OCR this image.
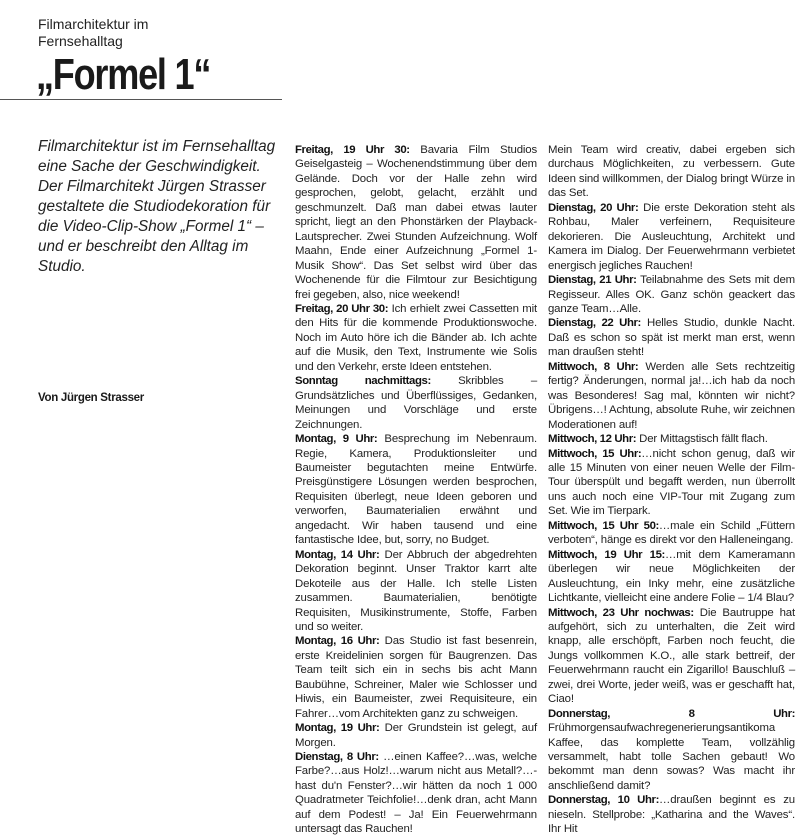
Filmarchitektur im Fernsehalltag
„Formel 1“
Filmarchitektur ist im Fernsehalltag eine Sache der Geschwindigkeit. Der Filmarchitekt Jürgen Strasser gestaltete die Studiodekoration für die Video-Clip-Show „Formel 1“ – und er beschreibt den Alltag im Studio.
Von Jürgen Strasser

Freitag, 19 Uhr 30: Bavaria Film Studios Geiselgasteig – Wochenendstimmung über dem Gelände. Doch vor der Halle zehn wird gesprochen, gelobt, gelacht, erzählt und geschmunzelt. Daß man dabei etwas lauter spricht, liegt an den Phonstärken der Playback-Lautsprecher. Zwei Stunden Aufzeichnung. Wolf Maahn, Ende einer Aufzeichnung „Formel 1-Musik Show“. Das Set selbst wird über das Wochenende für die Filmtour zur Besichtigung frei gegeben, also, nice weekend!

Freitag, 20 Uhr 30: Ich erhielt zwei Cassetten mit den Hits für die kommende Produktionswoche. Noch im Auto höre ich die Bänder ab. Ich achte auf die Musik, den Text, Instrumente wie Solis und den Verkehr, erste Ideen entstehen.

Sonntag nachmittags: Skribbles – Grundsätzliches und Überflüssiges, Gedanken, Meinungen und Vorschläge und erste Zeichnungen.

Montag, 9 Uhr: Besprechung im Nebenraum. Regie, Kamera, Produktionsleiter und Baumeister begutachten meine Entwürfe. Preisgünstigere Lösungen werden besprochen, Requisiten überlegt, neue Ideen geboren und verworfen, Baumaterialien erwähnt und angedacht. Wir haben tausend und eine fantastische Idee, but, sorry, no Budget.

Montag, 14 Uhr: Der Abbruch der abgedrehten Dekoration beginnt. Unser Traktor karrt alte Dekoteile aus der Halle. Ich stelle Listen zusammen. Baumaterialien, benötigte Requisiten, Musikinstrumente, Stoffe, Farben und so weiter.

Montag, 16 Uhr: Das Studio ist fast besenrein, erste Kreidelinien sorgen für Baugrenzen. Das Team teilt sich ein in sechs bis acht Mann Baubühne, Schreiner, Maler wie Schlosser und Hiwis, ein Baumeister, zwei Requisiteure, ein Fahrer…vom Architekten ganz zu schweigen.

Montag, 19 Uhr: Der Grundstein ist gelegt, auf Morgen.

Dienstag, 8 Uhr: …einen Kaffee?…was, welche Farbe?…aus Holz!…warum nicht aus Metall?…-hast du'n Fenster?…wir hätten da noch 1 000 Quadratmeter Teichfolie!…denk dran, acht Mann auf dem Podest! – Ja! Ein Feuerwehrmann untersagt das Rauchen!

Mein Team wird creativ, dabei ergeben sich durchaus Möglichkeiten, zu verbessern. Gute Ideen sind willkommen, der Dialog bringt Würze in das Set.

Dienstag, 20 Uhr: Die erste Dekoration steht als Rohbau, Maler verfeinern, Requisiteure dekorieren. Die Ausleuchtung, Architekt und Kamera im Dialog. Der Feuerwehrmann verbietet energisch jegliches Rauchen!

Dienstag, 21 Uhr: Teilabnahme des Sets mit dem Regisseur. Alles OK. Ganz schön geackert das ganze Team…Alle.

Dienstag, 22 Uhr: Helles Studio, dunkle Nacht. Daß es schon so spät ist merkt man erst, wenn man draußen steht!

Mittwoch, 8 Uhr: Werden alle Sets rechtzeitig fertig? Änderungen, normal ja!…ich hab da noch was Besonderes! Sag mal, könnten wir nicht? Übrigens…! Achtung, absolute Ruhe, wir zeichnen Moderationen auf!

Mittwoch, 12 Uhr: Der Mittagstisch fällt flach.

Mittwoch, 15 Uhr:…nicht schon genug, daß wir alle 15 Minuten von einer neuen Welle der Film-Tour überspült und begafft werden, nun überrollt uns auch noch eine VIP-Tour mit Zugang zum Set. Wie im Tierpark.

Mittwoch, 15 Uhr 50:…male ein Schild „Füttern verboten“, hänge es direkt vor den Halleneingang.

Mittwoch, 19 Uhr 15:…mit dem Kameramann überlegen wir neue Möglichkeiten der Ausleuchtung, ein Inky mehr, eine zusätzliche Lichtkante, vielleicht eine andere Folie – 1/4 Blau?

Mittwoch, 23 Uhr nochwas: Die Bautruppe hat aufgehört, sich zu unterhalten, die Zeit wird knapp, alle erschöpft, Farben noch feucht, die Jungs vollkommen K.O., alle stark bettreif, der Feuerwehrmann raucht ein Zigarillo! Bauschluß – zwei, drei Worte, jeder weiß, was er geschafft hat, Ciao!

Donnerstag, 8 Uhr: Frühmorgensaufwachregenerierungsantikoma Kaffee, das komplette Team, vollzählig versammelt, habt tolle Sachen gebaut! Wo bekommt man denn sowas? Was macht ihr anschließend damit?

Donnerstag, 10 Uhr:…draußen beginnt es zu nieseln. Stellprobe: „Katharina and the Waves“. Ihr Hit
